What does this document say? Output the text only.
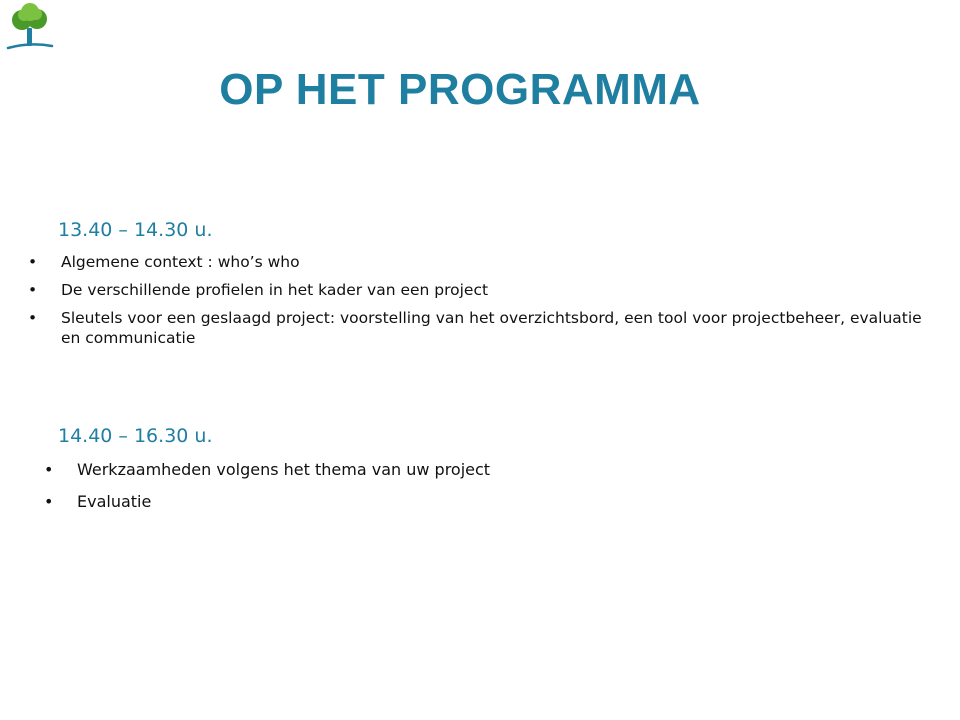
OP HET PROGRAMMA

13.40 – 14.30 u.

• Algemene context : who’s who
• De verschillende profielen in het kader van een project
• Sleutels voor een geslaagd project: voorstelling van het overzichtsbord, een tool voor projectbeheer, evaluatie en communicatie

14.40 – 16.30 u.

• Werkzaamheden volgens het thema van uw project
• Evaluatie
